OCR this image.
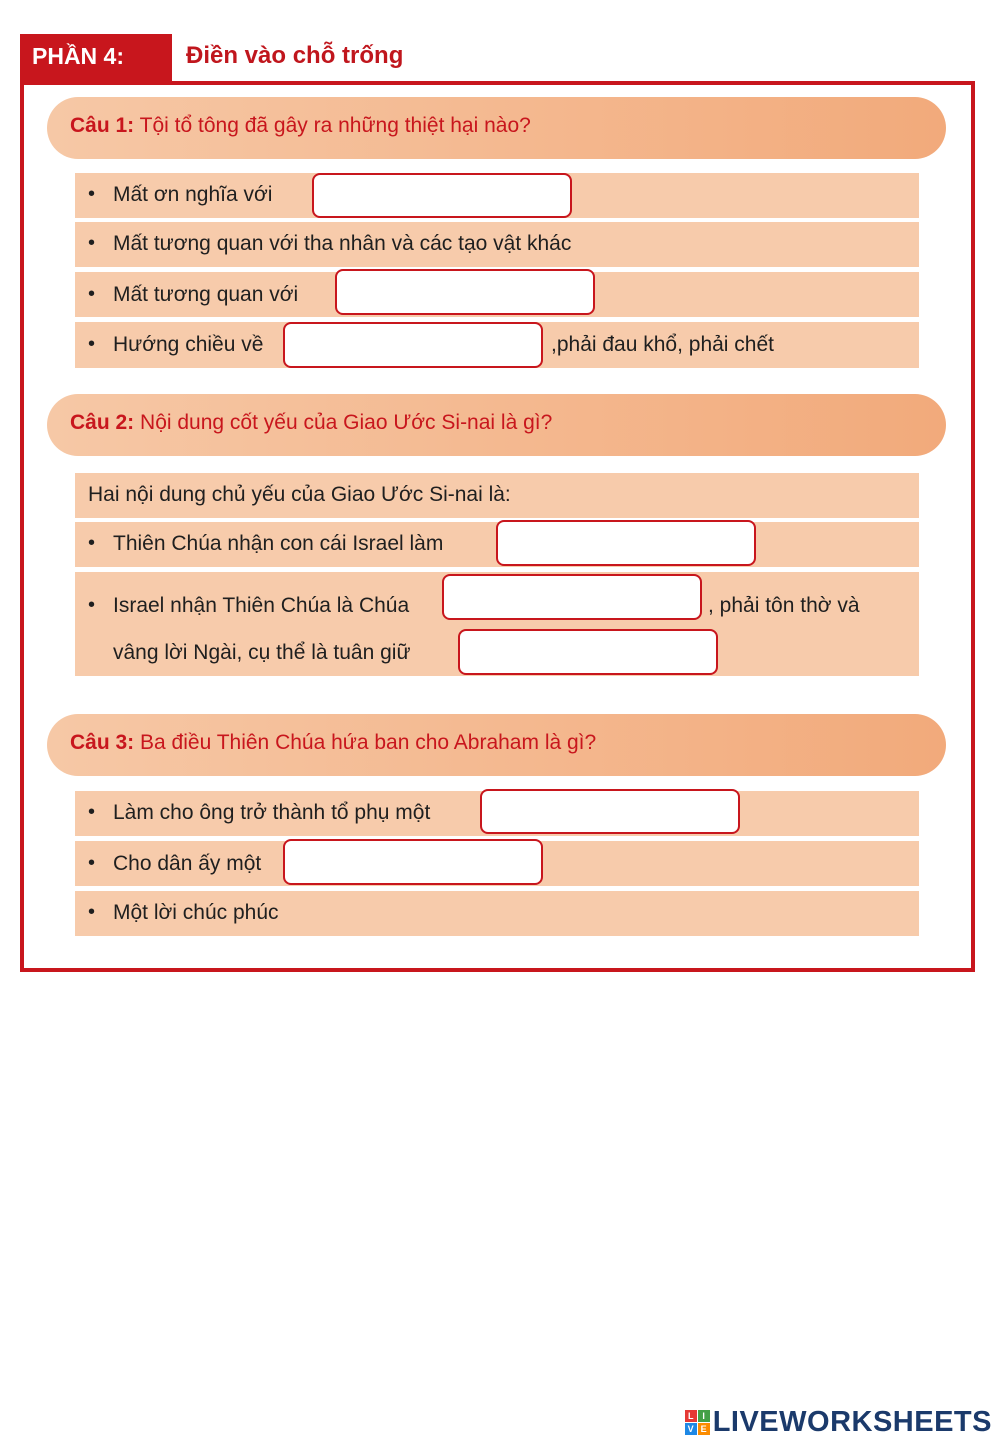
PHẦN 4:	Điền vào chỗ trống
Câu 1: Tội tổ tông đã gây ra những thiệt hại nào?
• Mất ơn nghĩa với
• Mất tương quan với tha nhân và các tạo vật khác
• Mất tương quan với
• Hướng chiều về	,phải đau khổ, phải chết
Câu 2: Nội dung cốt yếu của Giao Ước Si-nai là gì?
Hai nội dung chủ yếu của Giao Ước Si-nai là:
• Thiên Chúa nhận con cái Israel làm
• Israel nhận Thiên Chúa là Chúa	, phải tôn thờ và
vâng lời Ngài, cụ thể là tuân giữ
Câu 3: Ba điều Thiên Chúa hứa ban cho Abraham là gì?
• Làm cho ông trở thành tổ phụ một
• Cho dân ấy một
• Một lời chúc phúc
L I
V E LIVEWORKSHEETS
